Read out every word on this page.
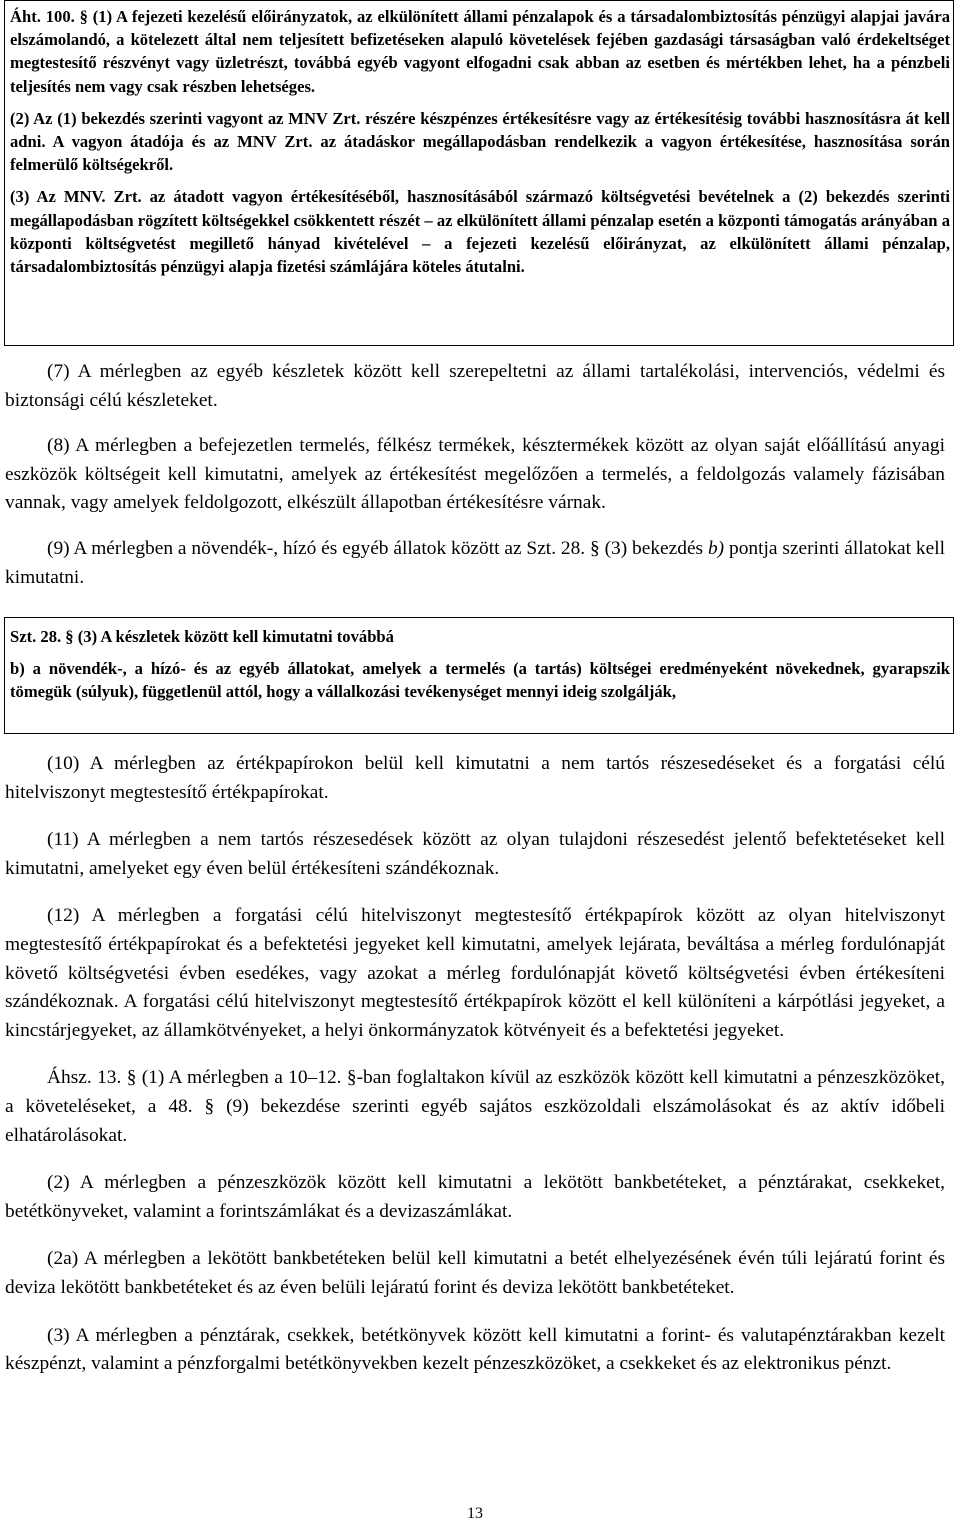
Áht. 100. § (1) A fejezeti kezelésű előirányzatok, az elkülönített állami pénzalapok és a társadalombiztosítás pénzügyi alapjai javára elszámolandó, a kötelezett által nem teljesített befizetéseken alapuló követelések fejében gazdasági társaságban való érdekeltséget megtestesítő részvényt vagy üzletrészt, továbbá egyéb vagyont elfogadni csak abban az esetben és mértékben lehet, ha a pénzbeli teljesítés nem vagy csak részben lehetséges.

(2) Az (1) bekezdés szerinti vagyont az MNV Zrt. részére készpénzes értékesítésre vagy az értékesítésig további hasznosításra át kell adni. A vagyon átadója és az MNV Zrt. az átadáskor megállapodásban rendelkezik a vagyon értékesítése, hasznosítása során felmerülő költségekről.

(3) Az MNV. Zrt. az átadott vagyon értékesítéséből, hasznosításából származó költségvetési bevételnek a (2) bekezdés szerinti megállapodásban rögzített költségekkel csökkentett részét – az elkülönített állami pénzalap esetén a központi támogatás arányában a központi költségvetést megillető hányad kivételével – a fejezeti kezelésű előirányzat, az elkülönített állami pénzalap, társadalombiztosítás pénzügyi alapja fizetési számlájára köteles átutalni.

(7) A mérlegben az egyéb készletek között kell szerepeltetni az állami tartalékolási, intervenciós, védelmi és biztonsági célú készleteket.

(8) A mérlegben a befejezetlen termelés, félkész termékek, késztermékek között az olyan saját előállítású anyagi eszközök költségeit kell kimutatni, amelyek az értékesítést megelőzően a termelés, a feldolgozás valamely fázisában vannak, vagy amelyek feldolgozott, elkészült állapotban értékesítésre várnak.

(9) A mérlegben a növendék-, hízó és egyéb állatok között az Szt. 28. § (3) bekezdés b) pontja szerinti állatokat kell kimutatni.

Szt. 28. § (3) A készletek között kell kimutatni továbbá

b) a növendék-, a hízó- és az egyéb állatokat, amelyek a termelés (a tartás) költségei eredményeként növekednek, gyarapszik tömegük (súlyuk), függetlenül attól, hogy a vállalkozási tevékenységet mennyi ideig szolgálják,

(10) A mérlegben az értékpapírokon belül kell kimutatni a nem tartós részesedéseket és a forgatási célú hitelviszonyt megtestesítő értékpapírokat.

(11) A mérlegben a nem tartós részesedések között az olyan tulajdoni részesedést jelentő befektetéseket kell kimutatni, amelyeket egy éven belül értékesíteni szándékoznak.

(12) A mérlegben a forgatási célú hitelviszonyt megtestesítő értékpapírok között az olyan hitelviszonyt megtestesítő értékpapírokat és a befektetési jegyeket kell kimutatni, amelyek lejárata, beváltása a mérleg fordulónapját követő költségvetési évben esedékes, vagy azokat a mérleg fordulónapját követő költségvetési évben értékesíteni szándékoznak. A forgatási célú hitelviszonyt megtestesítő értékpapírok között el kell különíteni a kárpótlási jegyeket, a kincstárjegyeket, az államkötvényeket, a helyi önkormányzatok kötvényeit és a befektetési jegyeket.

Áhsz. 13. § (1) A mérlegben a 10–12. §-ban foglaltakon kívül az eszközök között kell kimutatni a pénzeszközöket, a követeléseket, a 48. § (9) bekezdése szerinti egyéb sajátos eszközoldali elszámolásokat és az aktív időbeli elhatárolásokat.

(2) A mérlegben a pénzeszközök között kell kimutatni a lekötött bankbetéteket, a pénztárakat, csekkeket, betétkönyveket, valamint a forintszámlákat és a devizaszámlákat.

(2a) A mérlegben a lekötött bankbetéteken belül kell kimutatni a betét elhelyezésének évén túli lejáratú forint és deviza lekötött bankbetéteket és az éven belüli lejáratú forint és deviza lekötött bankbetéteket.

(3) A mérlegben a pénztárak, csekkek, betétkönyvek között kell kimutatni a forint- és valutapénztárakban kezelt készpénzt, valamint a pénzforgalmi betétkönyvekben kezelt pénzeszközöket, a csekkeket és az elektronikus pénzt.

13
